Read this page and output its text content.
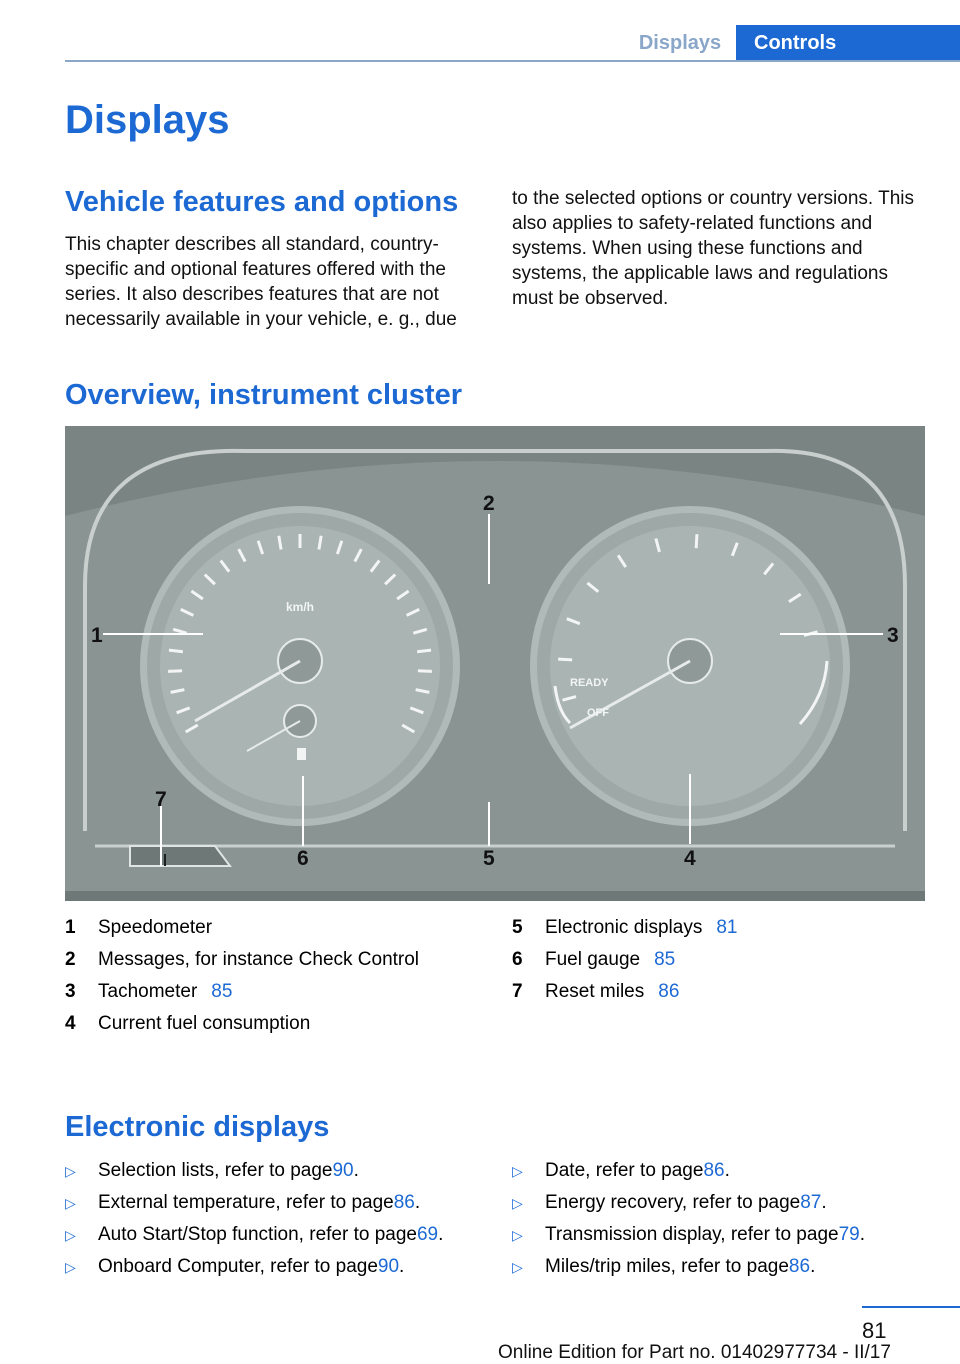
Displays	Controls
Displays
Vehicle features and options

This chapter describes all standard, country-specific and optional features offered with the series. It also describes features that are not necessarily available in your vehicle, e. g., due

to the selected options or country versions. This also applies to safety-related functions and systems. When using these functions and systems, the applicable laws and regulations must be observed.

Overview, instrument cluster
km/h
READY
OFF
1
2
3
4
5
6
7
1	Speedometer
2	Messages, for instance Check Control
3	Tachometer 85
4	Current fuel consumption
5	Electronic displays 81
6	Fuel gauge 85
7	Reset miles 86
Electronic displays
▷	Selection lists, refer to page 90 .
▷	External temperature, refer to page 86 .
▷	Auto Start/Stop function, refer to page 69 .
▷	Onboard Computer, refer to page 90 .
▷	Date, refer to page 86 .
▷	Energy recovery, refer to page 87 .
▷	Transmission display, refer to page 79 .
▷	Miles/trip miles, refer to page 86 .
81
Online Edition for Part no. 01402977734 - II/17
